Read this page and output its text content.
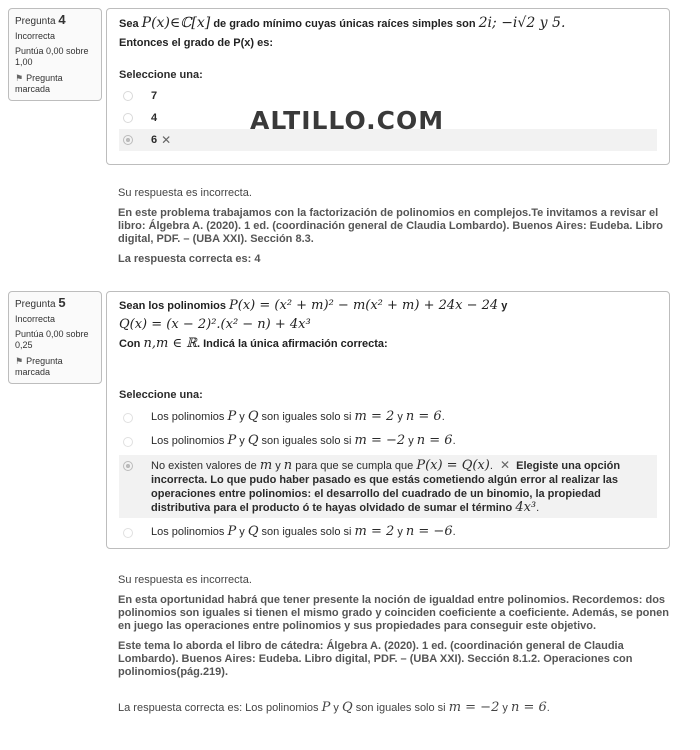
Pregunta 4
Incorrecta
Puntúa 0,00 sobre 1,00
⚑ Pregunta marcada
Sea P(x)∈ℂ[x] de grado mínimo cuyas únicas raíces simples son 2i; −i√2 y 5.
Entonces el grado de P(x) es:
Seleccione una:
7
4
6 ✕
ALTILLO.COM

Su respuesta es incorrecta.

En este problema trabajamos con la factorización de polinomios en complejos.Te invitamos a revisar el libro: Álgebra A. (2020). 1 ed. (coordinación general de Claudia Lombardo). Buenos Aires: Eudeba. Libro digital, PDF. – (UBA XXI). Sección 8.3.

La respuesta correcta es: 4

Pregunta 5
Incorrecta
Puntúa 0,00 sobre 0,25
⚑ Pregunta marcada
Sean los polinomios P(x) = (x² + m)² − m(x² + m) + 24x − 24 y
Q(x) = (x − 2)².(x² − n) + 4x³
Con n,m ∈ ℝ. Indicá la única afirmación correcta:
Seleccione una:
Los polinomios P y Q son iguales solo si m = 2 y n = 6.
Los polinomios P y Q son iguales solo si m = −2 y n = 6.
No existen valores de m y n para que se cumpla que P(x) = Q(x). ✕ Elegiste una opción incorrecta. Lo que pudo haber pasado es que estás cometiendo algún error al realizar las operaciones entre polinomios: el desarrollo del cuadrado de un binomio, la propiedad distributiva para el producto ó te hayas olvidado de sumar el término 4x³.
Los polinomios P y Q son iguales solo si m = 2 y n = −6.

Su respuesta es incorrecta.

En esta oportunidad habrá que tener presente la noción de igualdad entre polinomios. Recordemos: dos polinomios son iguales si tienen el mismo grado y coinciden coeficiente a coeficiente. Además, se ponen en juego las operaciones entre polinomios y sus propiedades para conseguir este objetivo.

Este tema lo aborda el libro de cátedra: Álgebra A. (2020). 1 ed. (coordinación general de Claudia Lombardo). Buenos Aires: Eudeba. Libro digital, PDF. – (UBA XXI). Sección 8.1.2. Operaciones con polinomios(pág.219).

La respuesta correcta es: Los polinomios P y Q son iguales solo si m = −2 y n = 6.
